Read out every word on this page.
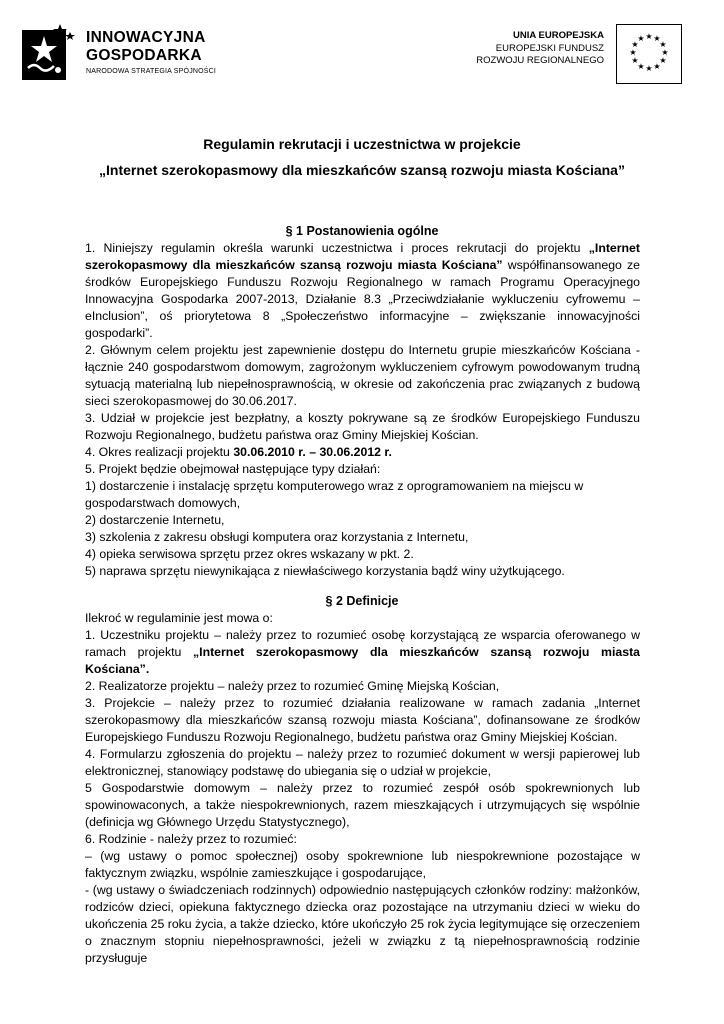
INNOWACYJNA
GOSPODARKA
NARODOWA STRATEGIA SPÓJNOŚCI
UNIA EUROPEJSKA
EUROPEJSKI FUNDUSZ
ROZWOJU REGIONALNEGO
★ ★
★
★
★
★
★
★
★
★
★
★
Regulamin rekrutacji i uczestnictwa w projekcie
„Internet szerokopasmowy dla mieszkańców szansą rozwoju miasta Kościana”
§ 1 Postanowienia ogólne

1. Niniejszy regulamin określa warunki uczestnictwa i proces rekrutacji do projektu „Internet szerokopasmowy dla mieszkańców szansą rozwoju miasta Kościana” współfinansowanego ze środków Europejskiego Funduszu Rozwoju Regionalnego w ramach Programu Operacyjnego Innowacyjna Gospodarka 2007-2013, Działanie 8.3 „Przeciwdziałanie wykluczeniu cyfrowemu – eInclusion”, oś priorytetowa 8 „Społeczeństwo informacyjne – zwiększanie innowacyjności gospodarki”.

2. Głównym celem projektu jest zapewnienie dostępu do Internetu grupie mieszkańców Kościana - łącznie 240 gospodarstwom domowym, zagrożonym wykluczeniem cyfrowym powodowanym trudną sytuacją materialną lub niepełnosprawnością, w okresie od zakończenia prac związanych z budową sieci szerokopasmowej do 30.06.2017.

3. Udział w projekcie jest bezpłatny, a koszty pokrywane są ze środków Europejskiego Funduszu Rozwoju Regionalnego, budżetu państwa oraz Gminy Miejskiej Kościan.

4. Okres realizacji projektu 30.06.2010 r. – 30.06.2012 r.

5. Projekt będzie obejmował następujące typy działań:

1) dostarczenie i instalację sprzętu komputerowego wraz z oprogramowaniem na miejscu w gospodarstwach domowych,

2) dostarczenie Internetu,

3) szkolenia z zakresu obsługi komputera oraz korzystania z Internetu,

4) opieka serwisowa sprzętu przez okres wskazany w pkt. 2.

5) naprawa sprzętu niewynikająca z niewłaściwego korzystania bądź winy użytkującego.

§ 2 Definicje

Ilekroć w regulaminie jest mowa o:

1. Uczestniku projektu – należy przez to rozumieć osobę korzystającą ze wsparcia oferowanego w ramach projektu „Internet szerokopasmowy dla mieszkańców szansą rozwoju miasta Kościana”.

2. Realizatorze projektu – należy przez to rozumieć Gminę Miejską Kościan,

3. Projekcie – należy przez to rozumieć działania realizowane w ramach zadania „Internet szerokopasmowy dla mieszkańców szansą rozwoju miasta Kościana”, dofinansowane ze środków Europejskiego Funduszu Rozwoju Regionalnego, budżetu państwa oraz Gminy Miejskiej Kościan.

4. Formularzu zgłoszenia do projektu – należy przez to rozumieć dokument w wersji papierowej lub elektronicznej, stanowiący podstawę do ubiegania się o udział w projekcie,

5 Gospodarstwie domowym – należy przez to rozumieć zespół osób spokrewnionych lub spowinowaconych, a także niespokrewnionych, razem mieszkających i utrzymujących się wspólnie (definicja wg Głównego Urzędu Statystycznego),

6. Rodzinie - należy przez to rozumieć:

– (wg ustawy o pomoc społecznej) osoby spokrewnione lub niespokrewnione pozostające w faktycznym związku, wspólnie zamieszkujące i gospodarujące,

- (wg ustawy o świadczeniach rodzinnych) odpowiednio następujących członków rodziny: małżonków, rodziców dzieci, opiekuna faktycznego dziecka oraz pozostające na utrzymaniu dzieci w wieku do ukończenia 25 roku życia, a także dziecko, które ukończyło 25 rok życia legitymujące się orzeczeniem o znacznym stopniu niepełnosprawności, jeżeli w związku z tą niepełnosprawnością rodzinie przysługuje
